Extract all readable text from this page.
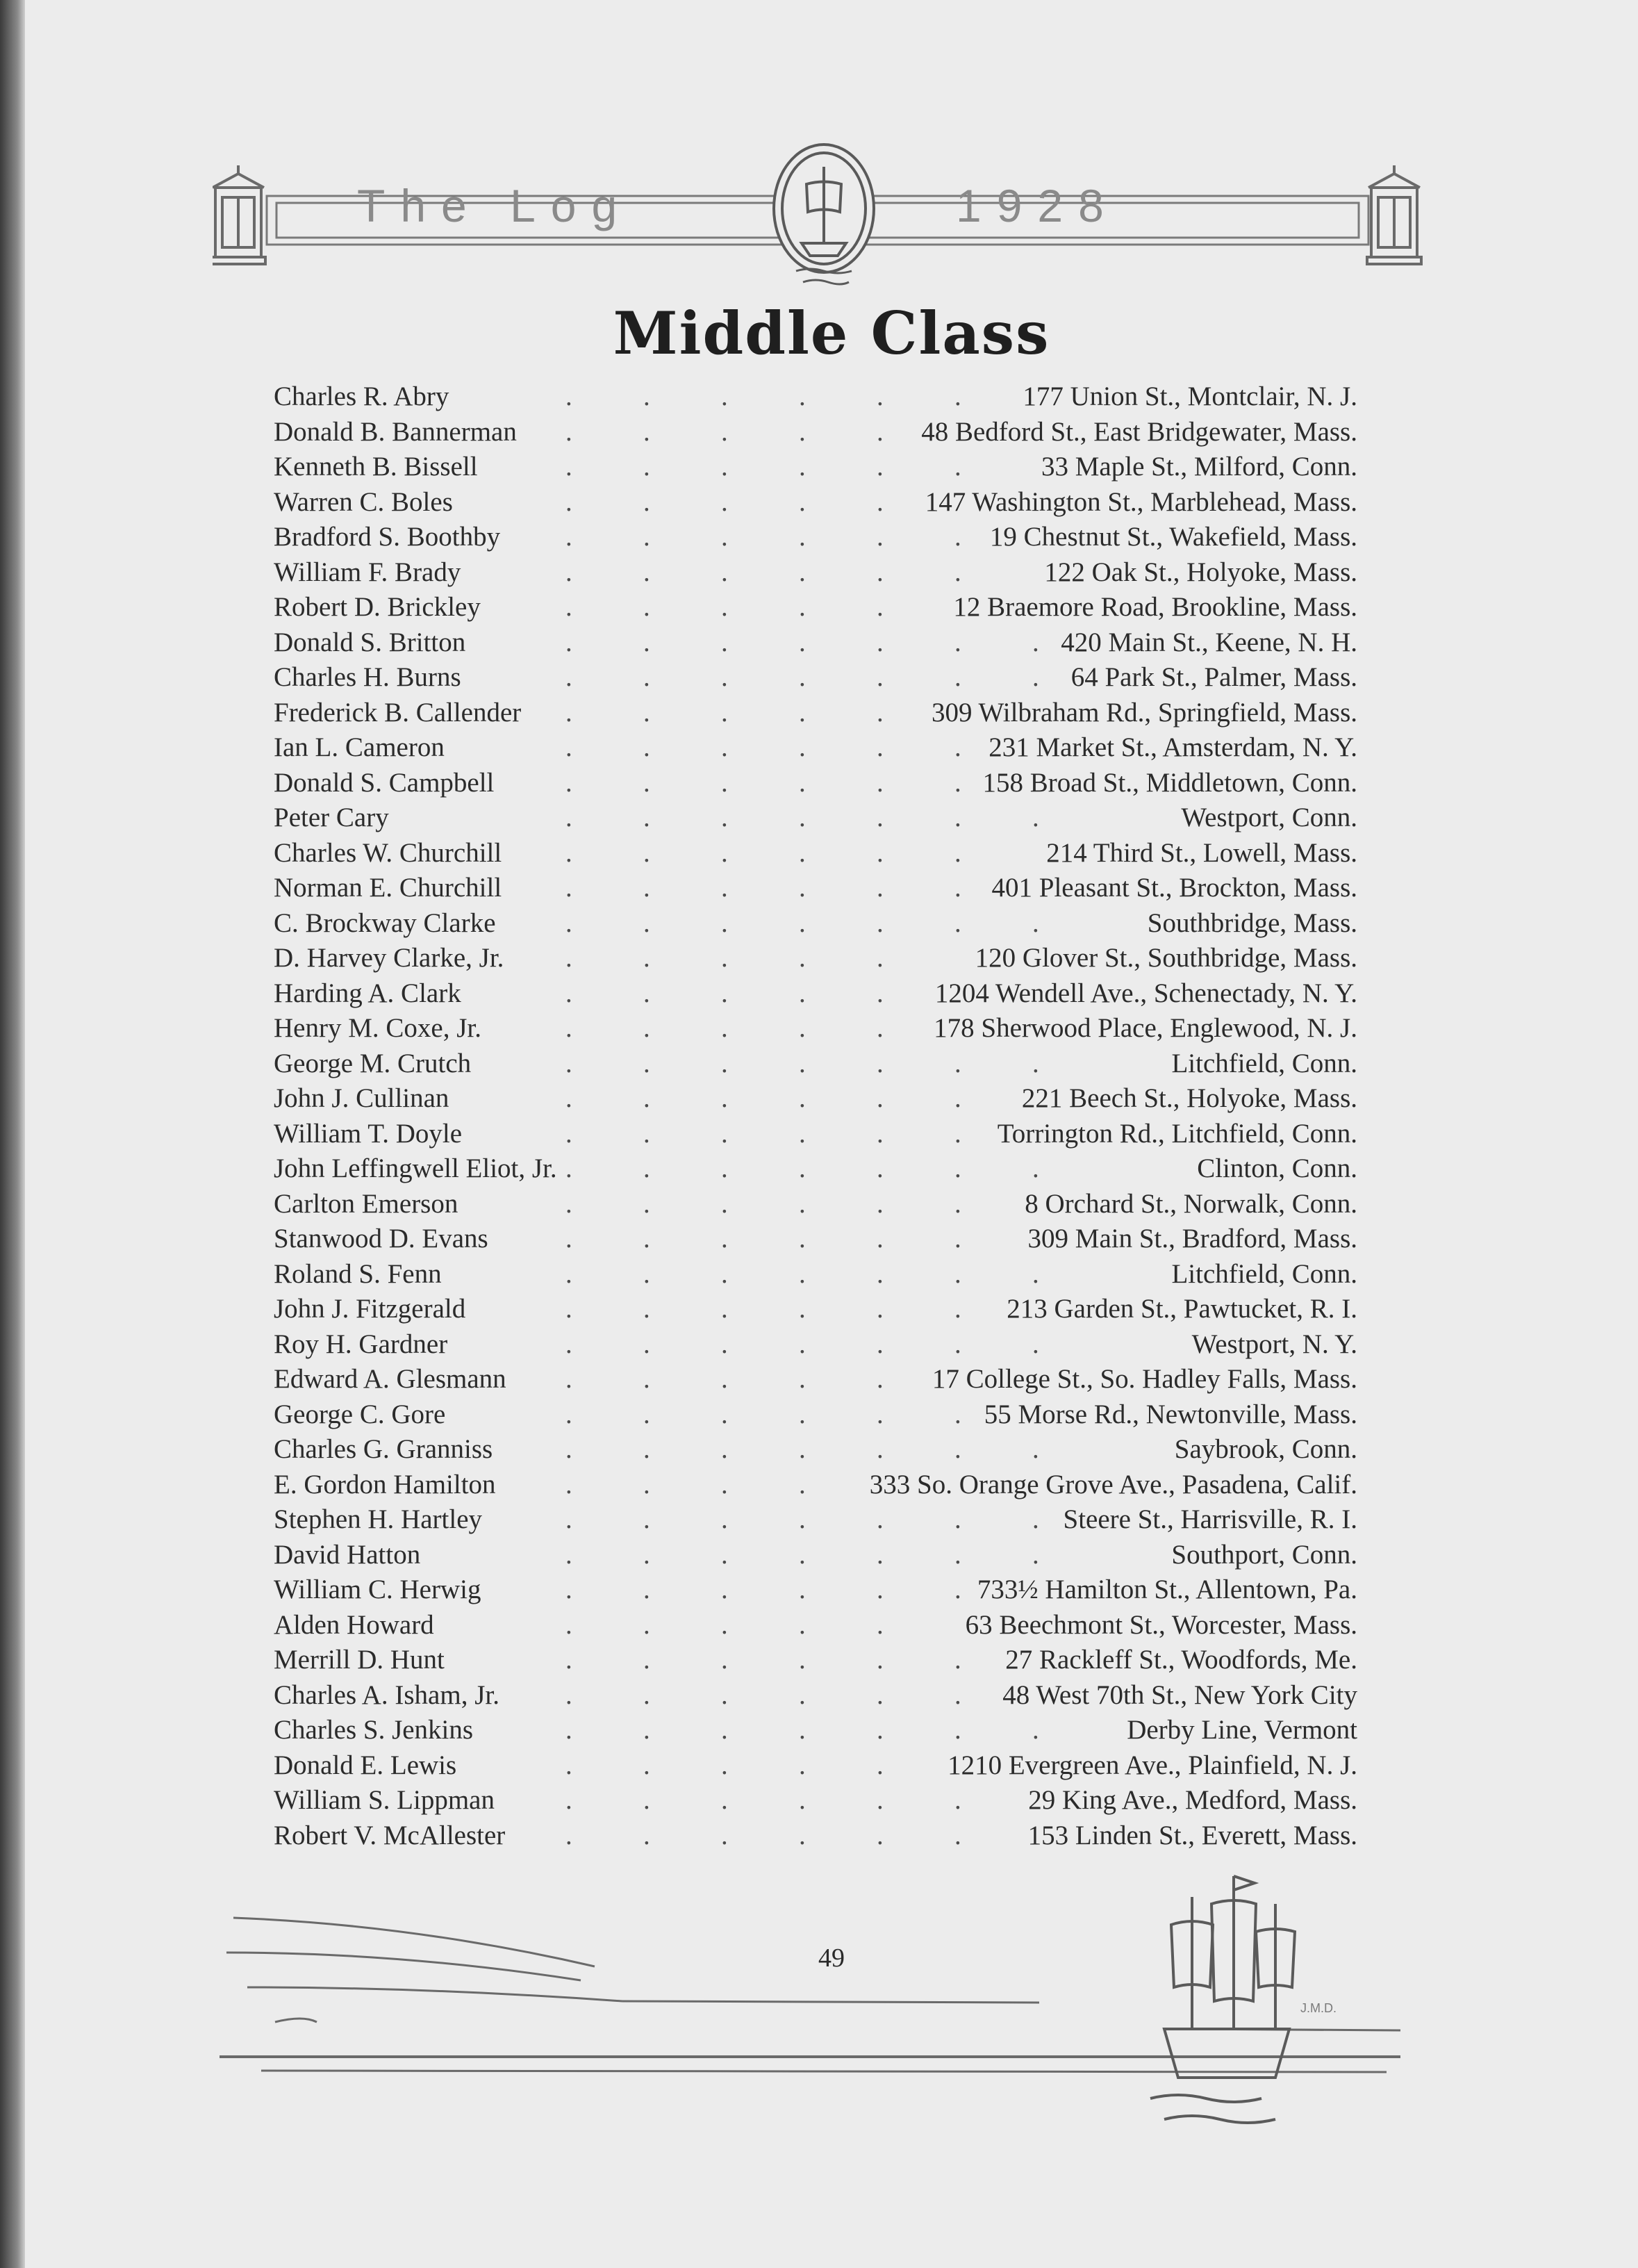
The Log	1928
Middle Class
Charles R. Abry	.	.	.	.	.	.	177 Union St., Montclair, N. J.
Donald B. Bannerman .	.	.	.	.	48 Bedford St., East Bridgewater, Mass.
Kenneth B. Bissell	.	.	.	.	.	.	33 Maple St., Milford, Conn.
Warren C. Boles	.	.	.	.	.	147 Washington St., Marblehead, Mass.
Bradford S. Boothby .	.	.	.	.	.	19 Chestnut St., Wakefield, Mass.
William F. Brady	.	.	.	.	.	.	122 Oak St., Holyoke, Mass.
Robert D. Brickley	.	.	.	.	.	12 Braemore Road, Brookline, Mass.
Donald S. Britton	.	.	.	.	.	.	. 420 Main St., Keene, N. H.
Charles H. Burns	.	.	.	.	.	.	.	64 Park St., Palmer, Mass.
Frederick B. Callender .	.	.	.	.	309 Wilbraham Rd., Springfield, Mass.
Ian L. Cameron	.	.	.	.	.	.	231 Market St., Amsterdam, N. Y.
Donald S. Campbell	.	.	.	.	.	. 158 Broad St., Middletown, Conn.
Peter Cary	.	.	.	.	.	.	.	Westport, Conn.
Charles W. Churchill .	.	.	.	.	.	214 Third St., Lowell, Mass.
Norman E. Churchill .	.	.	.	.	.	401 Pleasant St., Brockton, Mass.
C. Brockway Clarke	.	.	.	.	.	.	.	Southbridge, Mass.
D. Harvey Clarke, Jr. .	.	.	.	.	120 Glover St., Southbridge, Mass.
Harding A. Clark	.	.	.	.	.	1204 Wendell Ave., Schenectady, N. Y.
Henry M. Coxe, Jr.	.	.	.	.	.	178 Sherwood Place, Englewood, N. J.
George M. Crutch	.	.	.	.	.	.	.	Litchfield, Conn.
John J. Cullinan	.	.	.	.	.	.	221 Beech St., Holyoke, Mass.
William T. Doyle	.	.	.	.	.	.	Torrington Rd., Litchfield, Conn.
John Leffingwell Eliot, Jr. .	.	.	.	.	.	.	Clinton, Conn.
Carlton Emerson	.	.	.	.	.	.	8 Orchard St., Norwalk, Conn.
Stanwood D. Evans	.	.	.	.	.	.	309 Main St., Bradford, Mass.
Roland S. Fenn	.	.	.	.	.	.	.	Litchfield, Conn.
John J. Fitzgerald	.	.	.	.	.	.	213 Garden St., Pawtucket, R. I.
Roy H. Gardner	.	.	.	.	.	.	.	Westport, N. Y.
Edward A. Glesmann .	.	.	.	.	17 College St., So. Hadley Falls, Mass.
George C. Gore	.	.	.	.	.	. 55 Morse Rd., Newtonville, Mass.
Charles G. Granniss	.	.	.	.	.	.	.	Saybrook, Conn.
E. Gordon Hamilton	.	.	.	.	333 So. Orange Grove Ave., Pasadena, Calif.
Stephen H. Hartley	.	.	.	.	.	.	. Steere St., Harrisville, R. I.
David Hatton	.	.	.	.	.	.	.	Southport, Conn.
William C. Herwig	.	.	.	.	.	. 733½ Hamilton St., Allentown, Pa.
Alden Howard	.	.	.	.	.	63 Beechmont St., Worcester, Mass.
Merrill D. Hunt	.	.	.	.	.	.	27 Rackleff St., Woodfords, Me.
Charles A. Isham, Jr. .	.	.	.	.	.	48 West 70th St., New York City
Charles S. Jenkins	.	.	.	.	.	.	.	Derby Line, Vermont
Donald E. Lewis	.	.	.	.	.	1210 Evergreen Ave., Plainfield, N. J.
William S. Lippman	.	.	.	.	.	.	29 King Ave., Medford, Mass.
Robert V. McAllester .	.	.	.	.	.	153 Linden St., Everett, Mass.
49
J.M.D.
